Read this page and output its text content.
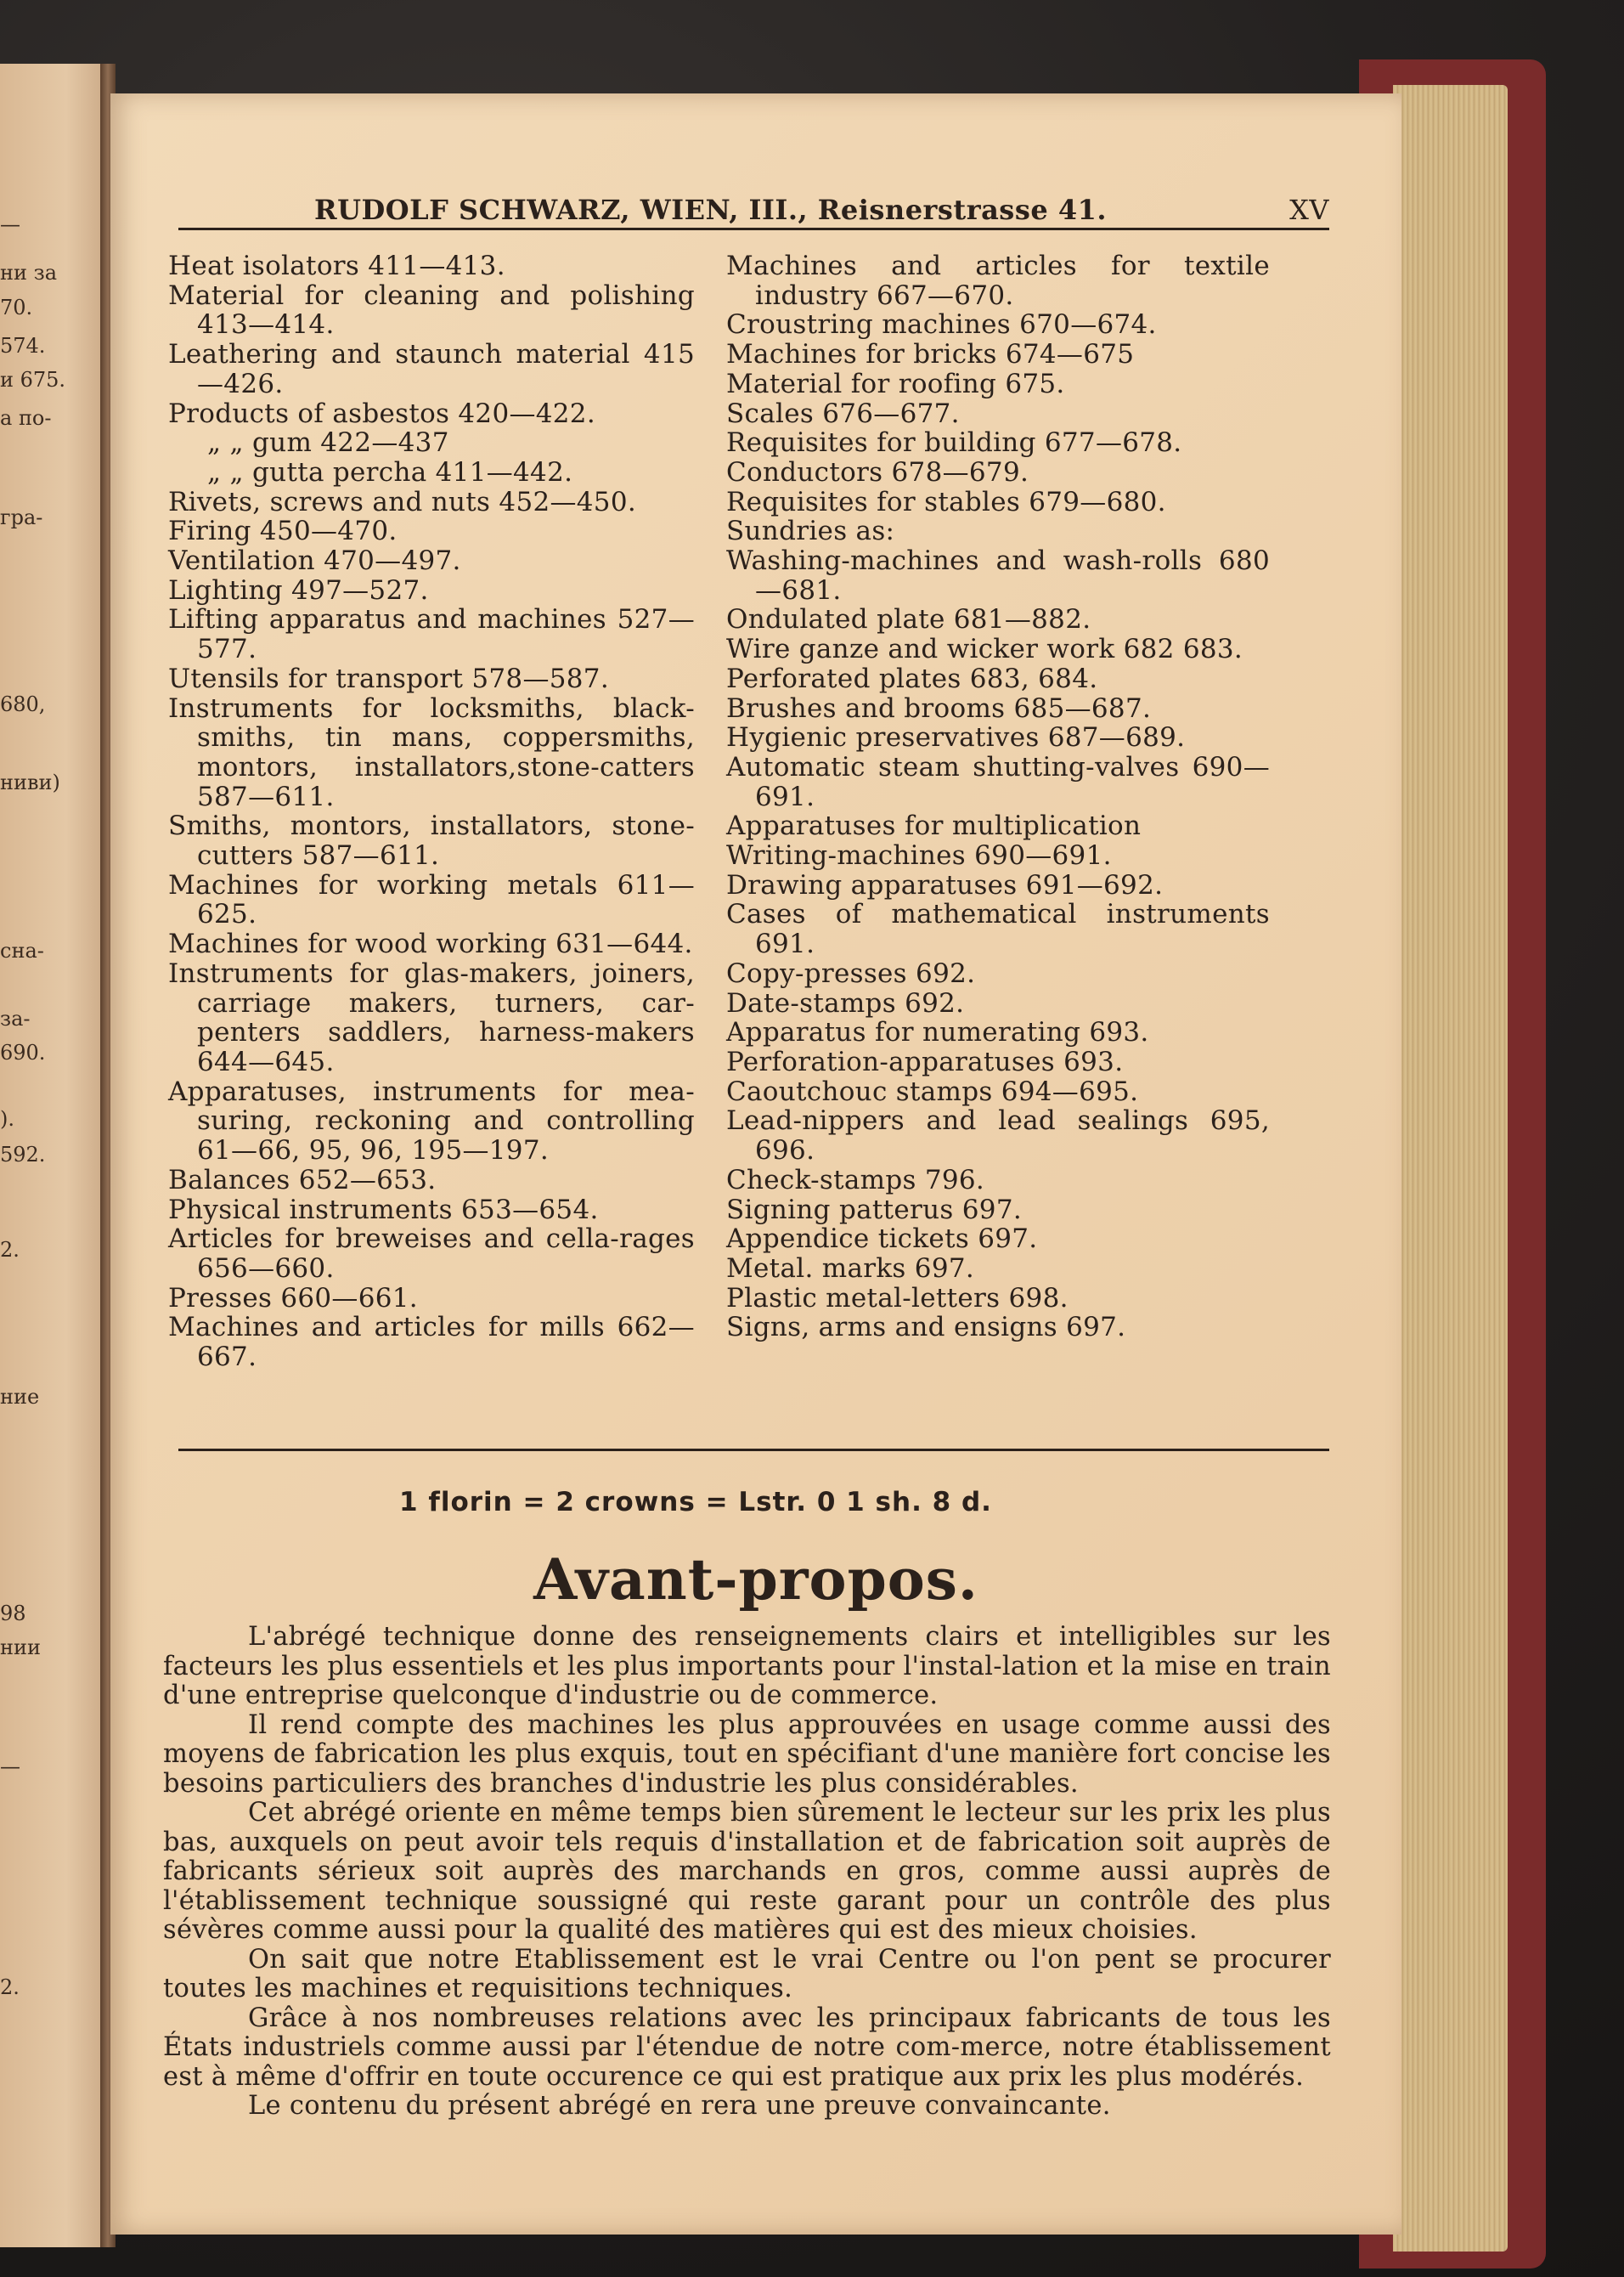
—
ни за
70.
574.
и 675.
а по-
гра-
680,
ниви)
сна-
за-
690.
).
592.
2.
ние
98
нии
—
2.
RUDOLF SCHWARZ, WIEN, III., Reisnerstrasse 41.	XV

Heat isolators 411—413.

Material for cleaning and polishing 413—414.

Leathering and staunch material 415—426.

Products of asbestos 420—422.

„ „ gum 422—437

„ „ gutta percha 411—442.

Rivets, screws and nuts 452—450.

Firing 450—470.

Ventilation 470—497.

Lighting 497—527.

Lifting apparatus and machines 527—577.

Utensils for transport 578—587.

Instruments for locksmiths, black-smiths, tin mans, coppersmiths, montors, installators,stone-catters 587—611.

Smiths, montors, installators, stone-cutters 587—611.

Machines for working metals 611—625.

Machines for wood working 631—644.

Instruments for glas-makers, joiners, carriage makers, turners, car-penters saddlers, harness-makers 644—645.

Apparatuses, instruments for mea-suring, reckoning and controlling 61—66, 95, 96, 195—197.

Balances 652—653.

Physical instruments 653—654.

Articles for breweises and cella-rages 656—660.

Presses 660—661.

Machines and articles for mills 662—667.

Machines and articles for textile industry 667—670.

Croustring machines 670—674.

Machines for bricks 674—675

Material for roofing 675.

Scales 676—677.

Requisites for building 677—678.

Conductors 678—679.

Requisites for stables 679—680.

Sundries as:

Washing-machines and wash-rolls 680—681.

Ondulated plate 681—882.

Wire ganze and wicker work 682 683.

Perforated plates 683, 684.

Brushes and brooms 685—687.

Hygienic preservatives 687—689.

Automatic steam shutting-valves 690—691.

Apparatuses for multiplication

Writing-machines 690—691.

Drawing apparatuses 691—692.

Cases of mathematical instruments 691.

Copy-presses 692.

Date-stamps 692.

Apparatus for numerating 693.

Perforation-apparatuses 693.

Caoutchouc stamps 694—695.

Lead-nippers and lead sealings 695, 696.

Check-stamps 796.

Signing patterus 697.

Appendice tickets 697.

Metal. marks 697.

Plastic metal-letters 698.

Signs, arms and ensigns 697.

1 florin = 2 crowns = Lstr. 0 1 sh. 8 d.
Avant-propos.

L'abrégé technique donne des renseignements clairs et intelligibles sur les facteurs les plus essentiels et les plus importants pour l'instal-lation et la mise en train d'une entreprise quelconque d'industrie ou de commerce.

Il rend compte des machines les plus approuvées en usage comme aussi des moyens de fabrication les plus exquis, tout en spécifiant d'une manière fort concise les besoins particuliers des branches d'industrie les plus considérables.

Cet abrégé oriente en même temps bien sûrement le lecteur sur les prix les plus bas, auxquels on peut avoir tels requis d'installation et de fabrication soit auprès de fabricants sérieux soit auprès des marchands en gros, comme aussi auprès de l'établissement technique soussigné qui reste garant pour un contrôle des plus sévères comme aussi pour la qualité des matières qui est des mieux choisies.

On sait que notre Etablissement est le vrai Centre ou l'on pent se procurer toutes les machines et requisitions techniques.

Grâce à nos nombreuses relations avec les principaux fabricants de tous les États industriels comme aussi par l'étendue de notre com-merce, notre établissement est à même d'offrir en toute occurence ce qui est pratique aux prix les plus modérés.

Le contenu du présent abrégé en rera une preuve convaincante.
